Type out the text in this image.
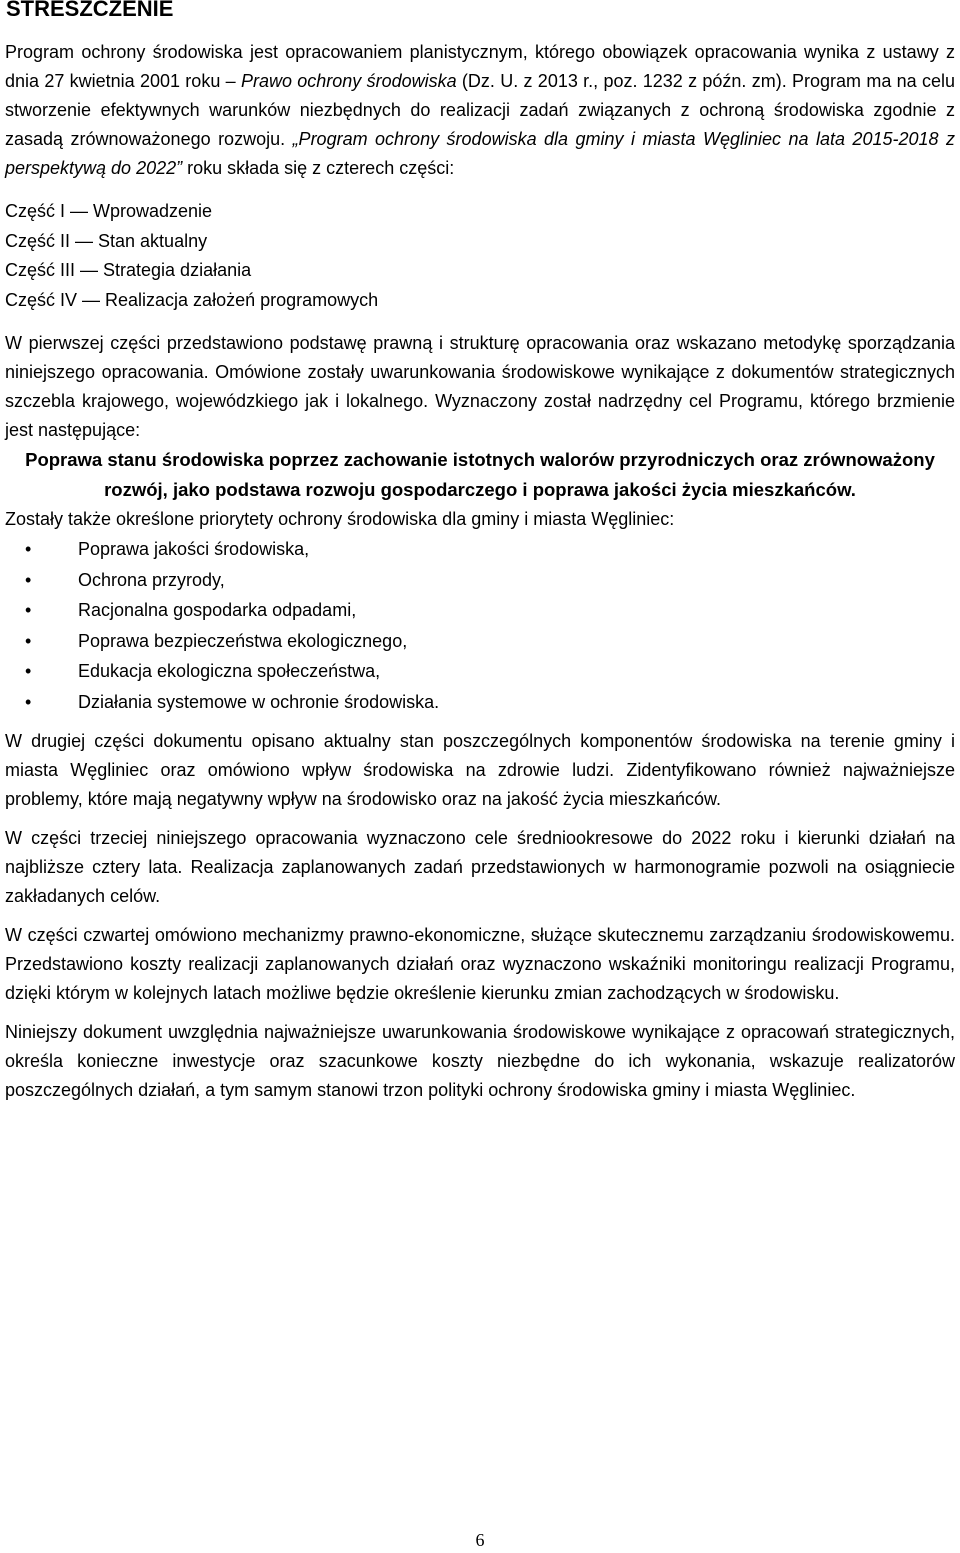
STRESZCZENIE

Program ochrony środowiska jest opracowaniem planistycznym, którego obowiązek opracowania wynika z ustawy z dnia 27 kwietnia 2001 roku – Prawo ochrony środowiska (Dz. U. z 2013 r., poz. 1232 z późn. zm). Program ma na celu stworzenie efektywnych warunków niezbędnych do realizacji zadań związanych z ochroną środowiska zgodnie z zasadą zrównoważonego rozwoju. „Program ochrony środowiska dla gminy i miasta Węgliniec na lata 2015-2018 z perspektywą do 2022” roku składa się z czterech części:

Część I — Wprowadzenie

Część II — Stan aktualny

Część III — Strategia działania

Część IV — Realizacja założeń programowych

W pierwszej części przedstawiono podstawę prawną i strukturę opracowania oraz wskazano metodykę sporządzania niniejszego opracowania. Omówione zostały uwarunkowania środowiskowe wynikające z dokumentów strategicznych szczebla krajowego, wojewódzkiego jak i lokalnego. Wyznaczony został nadrzędny cel Programu, którego brzmienie jest następujące:

Poprawa stanu środowiska poprzez zachowanie istotnych walorów przyrodniczych oraz zrównoważony rozwój, jako podstawa rozwoju gospodarczego i poprawa jakości życia mieszkańców.

Zostały także określone priorytety ochrony środowiska dla gminy i miasta Węgliniec:

•	Poprawa jakości środowiska,
•	Ochrona przyrody,
•	Racjonalna gospodarka odpadami,
•	Poprawa bezpieczeństwa ekologicznego,
•	Edukacja ekologiczna społeczeństwa,
•	Działania systemowe w ochronie środowiska.

W drugiej części dokumentu opisano aktualny stan poszczególnych komponentów środowiska na terenie gminy i miasta Węgliniec oraz omówiono wpływ środowiska na zdrowie ludzi. Zidentyfikowano również najważniejsze problemy, które mają negatywny wpływ na środowisko oraz na jakość życia mieszkańców.

W części trzeciej niniejszego opracowania wyznaczono cele średniookresowe do 2022 roku i kierunki działań na najbliższe cztery lata. Realizacja zaplanowanych zadań przedstawionych w harmonogramie pozwoli na osiągniecie zakładanych celów.

W części czwartej omówiono mechanizmy prawno-ekonomiczne, służące skutecznemu zarządzaniu środowiskowemu. Przedstawiono koszty realizacji zaplanowanych działań oraz wyznaczono wskaźniki monitoringu realizacji Programu, dzięki którym w kolejnych latach możliwe będzie określenie kierunku zmian zachodzących w środowisku.

Niniejszy dokument uwzględnia najważniejsze uwarunkowania środowiskowe wynikające z opracowań strategicznych, określa konieczne inwestycje oraz szacunkowe koszty niezbędne do ich wykonania, wskazuje realizatorów poszczególnych działań, a tym samym stanowi trzon polityki ochrony środowiska gminy i miasta Węgliniec.

6
